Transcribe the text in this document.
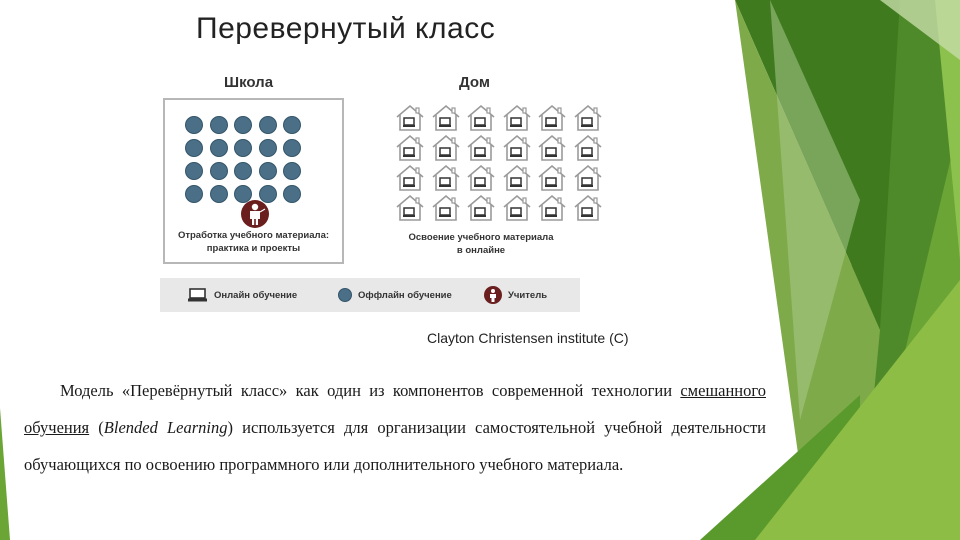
Перевернутый класс
Школа	Дом
Отработка учебного материала:
практика и проекты
Освоение учебного материала
в онлайне
Онлайн обучение	Оффлайн обучение	Учитель
Clayton Christensen institute (C)

Модель «Перевёрнутый класс» как один из компонентов современной технологии смешанного обучения (Blended Learning) используется для организации самостоятельной учебной деятельности обучающихся по освоению программного или дополнительного учебного материала.
